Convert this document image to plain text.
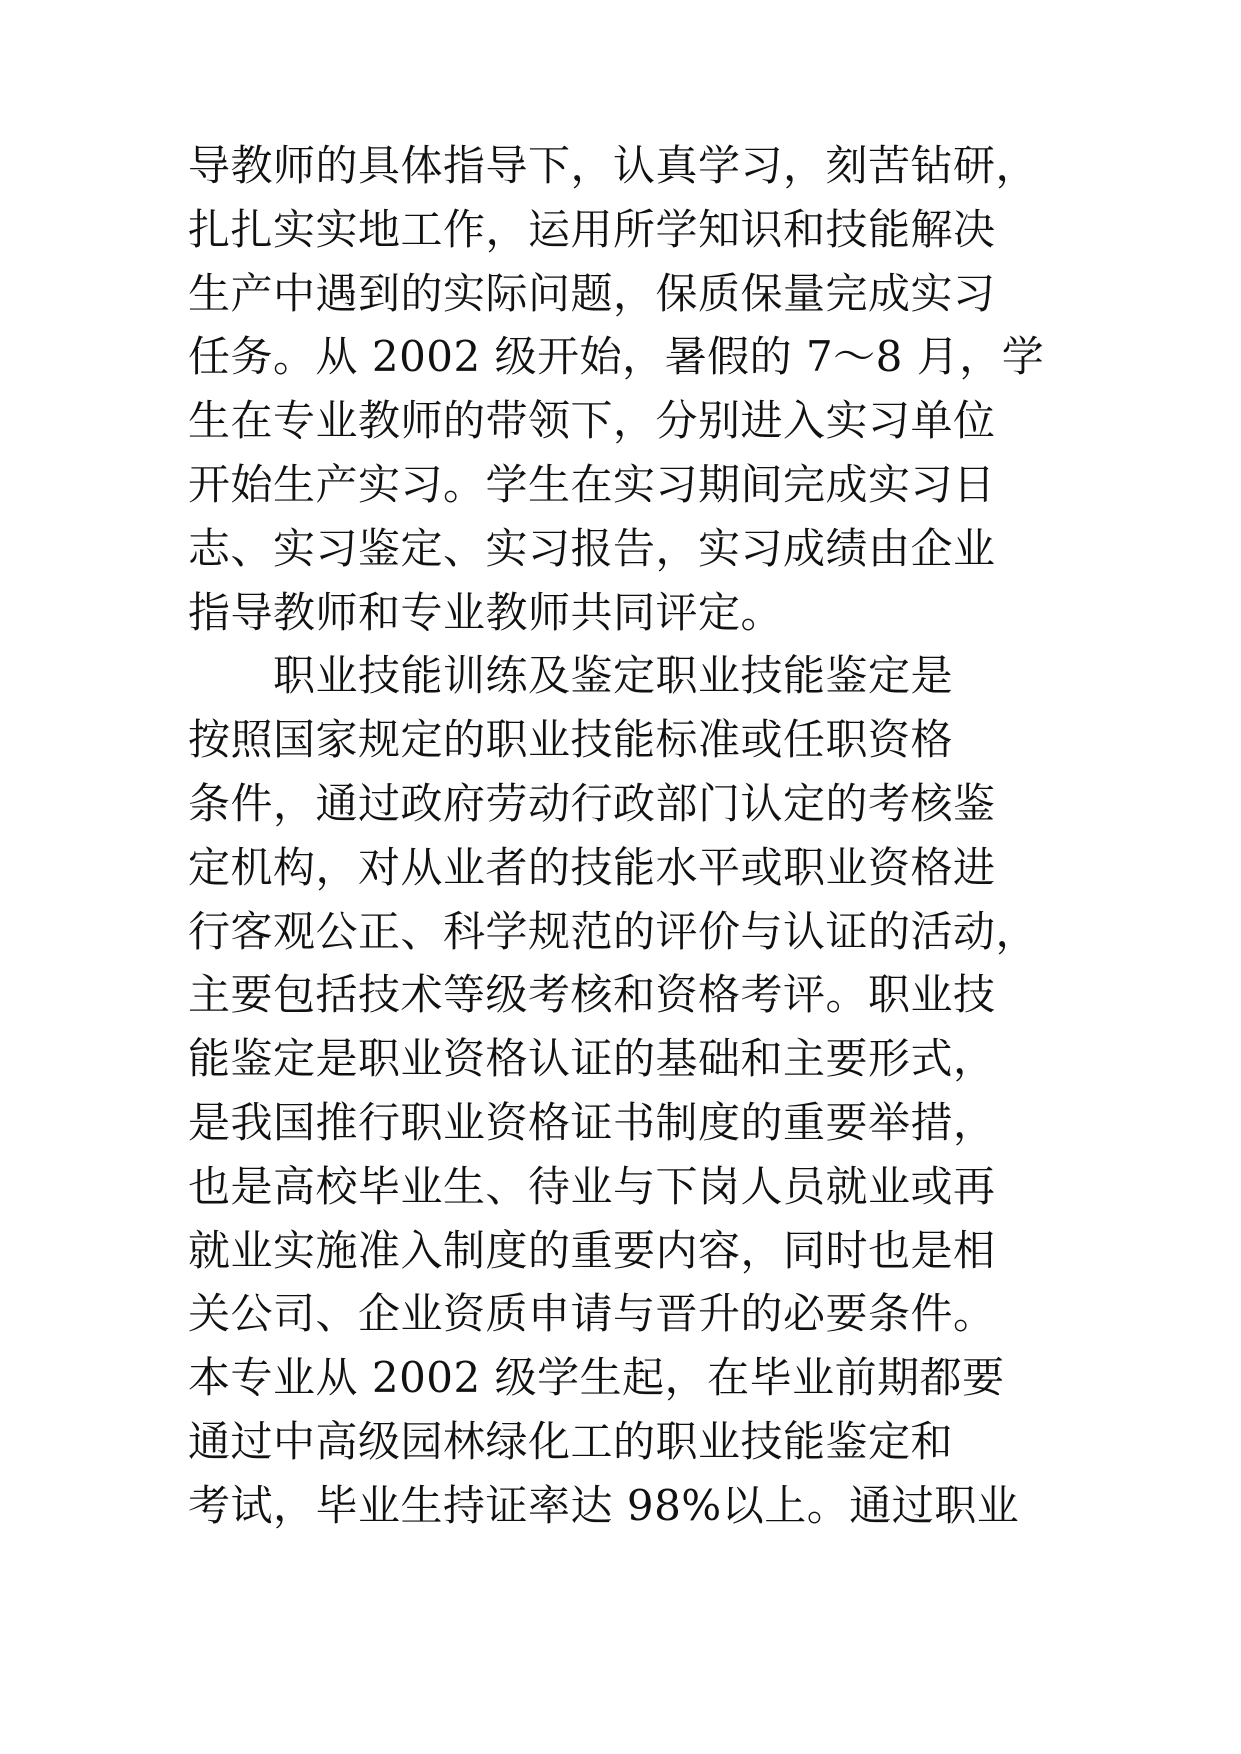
导教师的具体指导下，认真学习，刻苦钻研，
扎扎实实地工作，运用所学知识和技能解决
生产中遇到的实际问题，保质保量完成实习
任务。从 2002 级开始，暑假的 7～8 月，学
生在专业教师的带领下，分别进入实习单位
开始生产实习。学生在实习期间完成实习日
志、实习鉴定、实习报告，实习成绩由企业
指导教师和专业教师共同评定。
　　职业技能训练及鉴定职业技能鉴定是
按照国家规定的职业技能标准或任职资格
条件，通过政府劳动行政部门认定的考核鉴
定机构，对从业者的技能水平或职业资格进
行客观公正、科学规范的评价与认证的活动，
主要包括技术等级考核和资格考评。职业技
能鉴定是职业资格认证的基础和主要形式，
是我国推行职业资格证书制度的重要举措，
也是高校毕业生、待业与下岗人员就业或再
就业实施准入制度的重要内容，同时也是相
关公司、企业资质申请与晋升的必要条件。
本专业从 2002 级学生起，在毕业前期都要
通过中高级园林绿化工的职业技能鉴定和
考试，毕业生持证率达 98%以上。通过职业
